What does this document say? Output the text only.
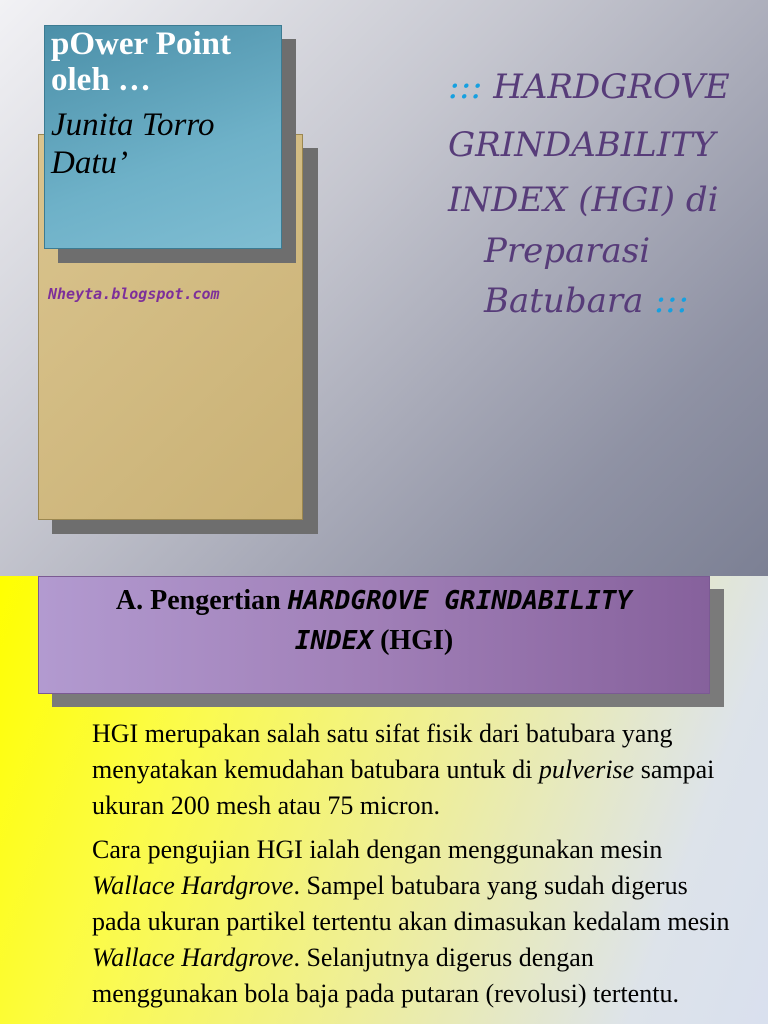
pOwer Point
oleh …
Junita Torro
Datu’
Nheyta.blogspot.com
::: HARDGROVE
GRINDABILITY
INDEX (HGI) di
Preparasi
Batubara :::
A. Pengertian HARDGROVE GRINDABILITY
INDEX (HGI)

HGI merupakan salah satu sifat fisik dari batubara yang menyatakan kemudahan batubara untuk di pulverise sampai ukuran 200 mesh atau 75 micron.

Cara pengujian HGI ialah dengan menggunakan mesin Wallace Hardgrove. Sampel batubara yang sudah digerus pada ukuran partikel tertentu akan dimasukan kedalam mesin Wallace Hardgrove. Selanjutnya digerus dengan menggunakan bola baja pada putaran (revolusi) tertentu.
